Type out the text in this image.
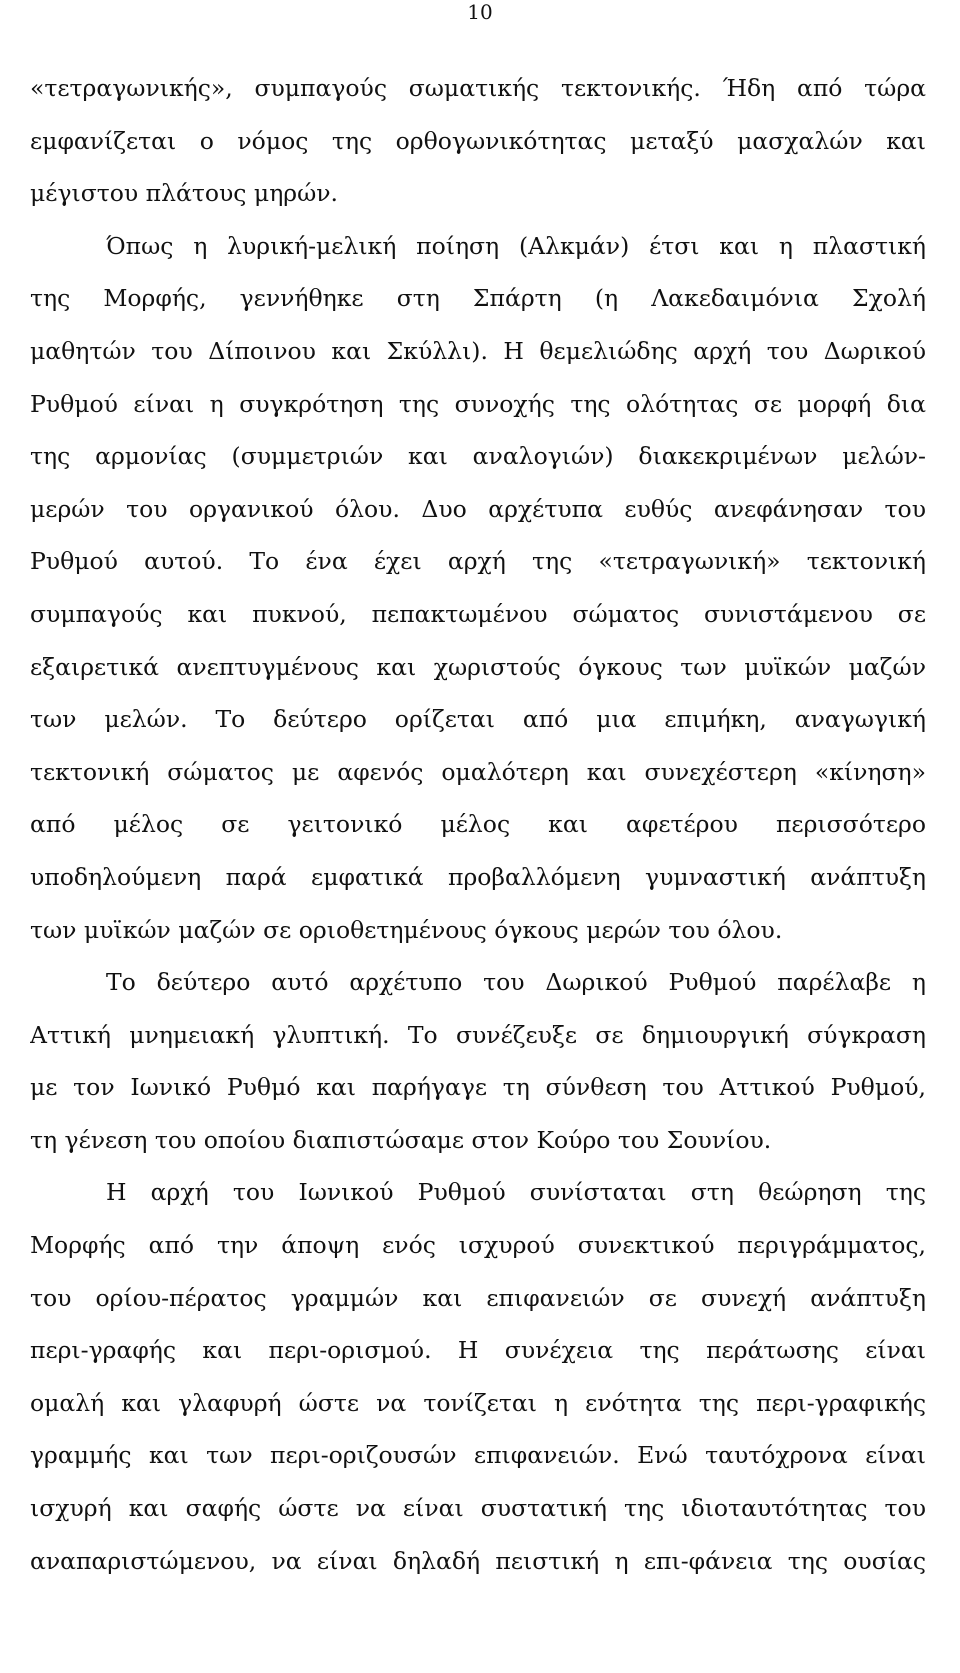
10
«τετραγωνικής», συμπαγούς σωματικής τεκτονικής. Ήδη από τώρα
εμφανίζεται ο νόμος της ορθογωνικότητας μεταξύ μασχαλών και
μέγιστου πλάτους μηρών.
Όπως η λυρική-μελική ποίηση (Αλκμάν) έτσι και η πλαστική
της Μορφής, γεννήθηκε στη Σπάρτη (η Λακεδαιμόνια Σχολή
μαθητών του Δίποινου και Σκύλλι). Η θεμελιώδης αρχή του Δωρικού
Ρυθμού είναι η συγκρότηση της συνοχής της ολότητας σε μορφή δια
της αρμονίας (συμμετριών και αναλογιών) διακεκριμένων μελών-
μερών του οργανικού όλου. Δυο αρχέτυπα ευθύς ανεφάνησαν του
Ρυθμού αυτού. Το ένα έχει αρχή της «τετραγωνική» τεκτονική
συμπαγούς και πυκνού, πεπακτωμένου σώματος συνιστάμενου σε
εξαιρετικά ανεπτυγμένους και χωριστούς όγκους των μυϊκών μαζών
των μελών. Το δεύτερο ορίζεται από μια επιμήκη, αναγωγική
τεκτονική σώματος με αφενός ομαλότερη και συνεχέστερη «κίνηση»
από μέλος σε γειτονικό μέλος και αφετέρου περισσότερο
υποδηλούμενη παρά εμφατικά προβαλλόμενη γυμναστική ανάπτυξη
των μυϊκών μαζών σε οριοθετημένους όγκους μερών του όλου.
Το δεύτερο αυτό αρχέτυπο του Δωρικού Ρυθμού παρέλαβε η
Αττική μνημειακή γλυπτική. Το συνέζευξε σε δημιουργική σύγκραση
με τον Ιωνικό Ρυθμό και παρήγαγε τη σύνθεση του Αττικού Ρυθμού,
τη γένεση του οποίου διαπιστώσαμε στον Κούρο του Σουνίου.
Η αρχή του Ιωνικού Ρυθμού συνίσταται στη θεώρηση της
Μορφής από την άποψη ενός ισχυρού συνεκτικού περιγράμματος,
του ορίου-πέρατος γραμμών και επιφανειών σε συνεχή ανάπτυξη
περι-γραφής και περι-ορισμού. Η συνέχεια της περάτωσης είναι
ομαλή και γλαφυρή ώστε να τονίζεται η ενότητα της περι-γραφικής
γραμμής και των περι-οριζουσών επιφανειών. Ενώ ταυτόχρονα είναι
ισχυρή και σαφής ώστε να είναι συστατική της ιδιοταυτότητας του
αναπαριστώμενου, να είναι δηλαδή πειστική η επι-φάνεια της ουσίας
